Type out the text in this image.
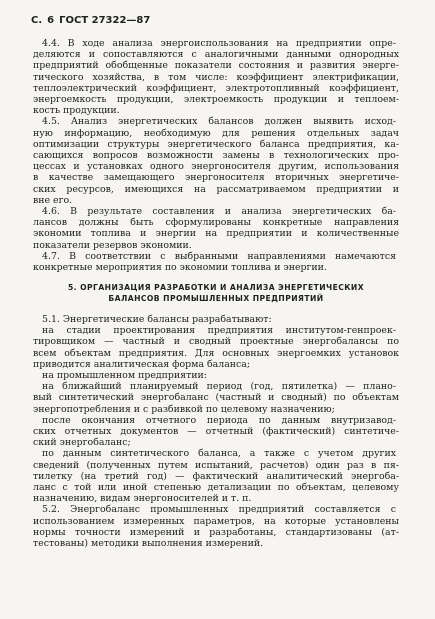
С. 6 ГОСТ 27322—87
4.4. В ходе анализа энергоиспользования на предприятии опре-
деляются и сопоставляются с аналогичными данными однородных
предприятий обобщенные показатели состояния и развития энерге-
тического хозяйства, в том числе: коэффициент электрификации,
теплоэлектрический коэффициент, электротопливный коэффициент,
энергоемкость продукции, электроемкость продукции и теплоем-
кость продукции.
4.5. Анализ энергетических балансов должен выявить исход-
ную информацию, необходимую для решения отдельных задач
оптимизации структуры энергетического баланса предприятия, ка-
сающихся вопросов возможности замены в технологических про-
цессах и установках одного энергоносителя другим, использования
в качестве замещающего энергоносителя вторичных энергетиче-
ских ресурсов, имеющихся на рассматриваемом предприятии и
вне его.
4.6. В результате составления и анализа энергетических ба-
лансов должны быть сформулированы конкретные направления
экономии топлива и энергии на предприятии и количественные
показатели резервов экономии.
4.7. В соответствии с выбранными направлениями намечаются
конкретные мероприятия по экономии топлива и энергии.
5. ОРГАНИЗАЦИЯ РАЗРАБОТКИ И АНАЛИЗА ЭНЕРГЕТИЧЕСКИХ
БАЛАНСОВ ПРОМЫШЛЕННЫХ ПРЕДПРИЯТИЙ
5.1. Энергетические балансы разрабатывают:
на стадии проектирования предприятия институтом-генпроек-
тировщиком — частный и сводный проектные энергобалансы по
всем объектам предприятия. Для основных энергоемких установок
приводится аналитическая форма баланса;
на промышленном предприятии:
на ближайший планируемый период (год, пятилетка) — плано-
вый синтетический энергобаланс (частный и сводный) по объектам
энергопотребления и с разбивкой по целевому назначению;
после окончания отчетного периода по данным внутризавод-
ских отчетных документов — отчетный (фактический) синтетиче-
ский энергобаланс;
по данным синтетического баланса, а также с учетом других
сведений (полученных путем испытаний, расчетов) один раз в пя-
тилетку (на третий год) — фактический аналитический энергоба-
ланс с той или иной степенью детализации по объектам, целевому
назначению, видам энергоносителей и т. п.
5.2. Энергобаланс промышленных предприятий составляется с
использованием измеренных параметров, на которые установлены
нормы точности измерений и разработаны, стандартизованы (ат-
тестованы) методики выполнения измерений.
